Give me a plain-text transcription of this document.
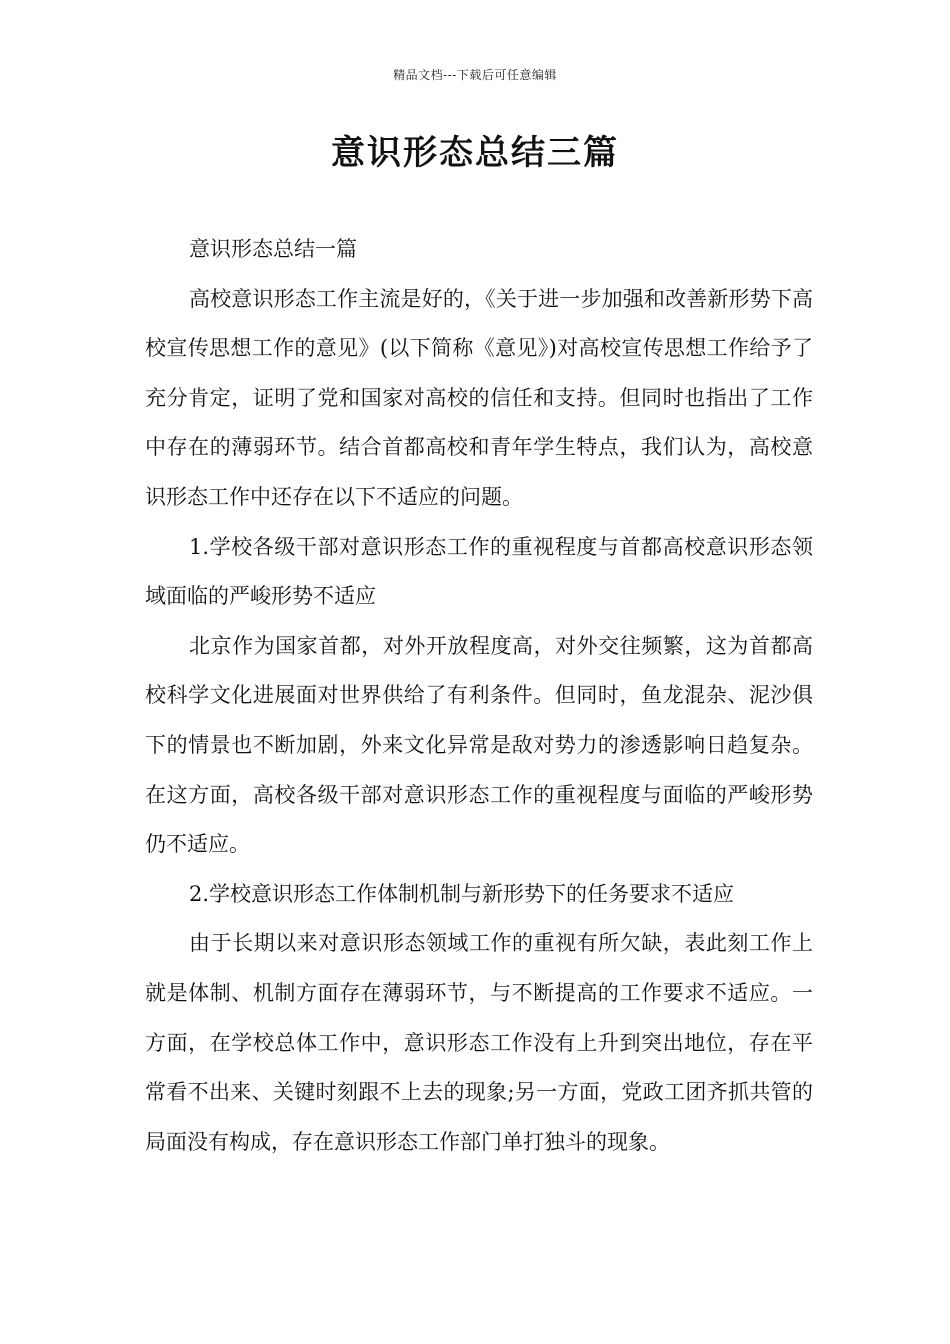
精品文档---下载后可任意编辑
意识形态总结三篇

意识形态总结一篇

高校意识形态工作主流是好的，《关于进一步加强和改善新形势下高校宣传思想工作的意见》(以下简称《意见》)对高校宣传思想工作给予了充分肯定，证明了党和国家对高校的信任和支持。但同时也指出了工作中存在的薄弱环节。结合首都高校和青年学生特点，我们认为，高校意识形态工作中还存在以下不适应的问题。

1.学校各级干部对意识形态工作的重视程度与首都高校意识形态领域面临的严峻形势不适应

北京作为国家首都，对外开放程度高，对外交往频繁，这为首都高校科学文化进展面对世界供给了有利条件。但同时，鱼龙混杂、泥沙俱下的情景也不断加剧，外来文化异常是敌对势力的渗透影响日趋复杂。在这方面，高校各级干部对意识形态工作的重视程度与面临的严峻形势仍不适应。

2.学校意识形态工作体制机制与新形势下的任务要求不适应

由于长期以来对意识形态领域工作的重视有所欠缺，表此刻工作上就是体制、机制方面存在薄弱环节，与不断提高的工作要求不适应。一方面，在学校总体工作中，意识形态工作没有上升到突出地位，存在平常看不出来、关键时刻跟不上去的现象;另一方面，党政工团齐抓共管的局面没有构成，存在意识形态工作部门单打独斗的现象。
